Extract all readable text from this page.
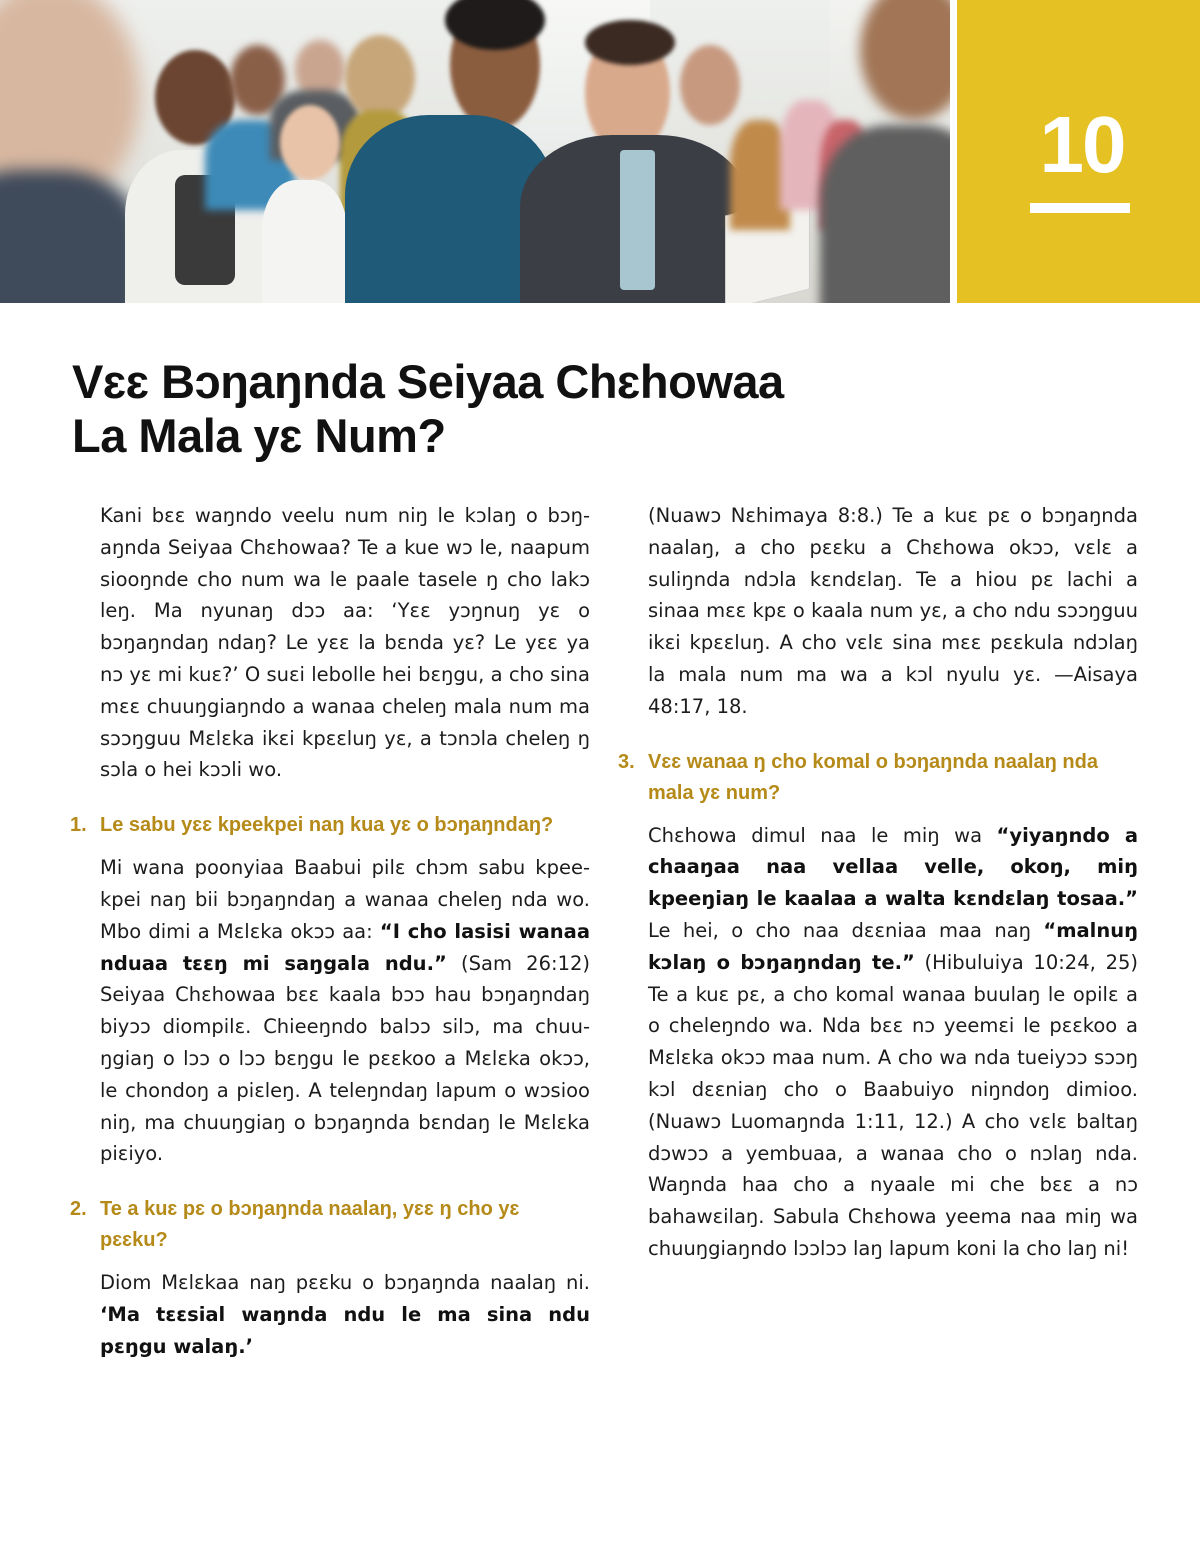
10
Vɛɛ Bɔŋaŋnda Seiyaa Chɛhowaa
La Mala yɛ Num?

Kani bɛɛ waŋndo veelu num niŋ le kɔlaŋ o bɔŋaŋnda Seiyaa Chɛhowaa? Te a kue wɔ le, naapum siooŋnde cho num wa le paale tasele ŋ cho lakɔ leŋ. Ma nyunaŋ dɔɔ aa: ‘Yɛɛ yɔŋnuŋ yɛ o bɔŋaŋndaŋ ndaŋ? Le yɛɛ la bɛnda yɛ? Le yɛɛ ya nɔ yɛ mi kuɛ?’ O suɛi lebolle hei bɛŋgu, a cho sina mɛɛ chuuŋgiaŋndo a wanaa cheleŋ mala num ma sɔɔŋguu Mɛlɛka ikɛi kpɛɛluŋ yɛ, a tɔnɔla cheleŋ ŋ sɔla o hei kɔɔli wo.

1. Le sabu yɛɛ kpeekpei naŋ kua yɛ o bɔŋaŋndaŋ?

Mi wana poonyiaa Baabui pilɛ chɔm sabu kpeekpei naŋ bii bɔŋaŋndaŋ a wanaa cheleŋ nda wo. Mbo dimi a Mɛlɛka okɔɔ aa: “I cho lasisi wanaa nduaa tɛɛŋ mi saŋgala ndu.” (Sam 26:12) Seiyaa Chɛhowaa bɛɛ kaala bɔɔ hau bɔŋaŋndaŋ biyɔɔ diompilɛ. Chieeŋndo balɔɔ silɔ, ma chuuŋgiaŋ o lɔɔ o lɔɔ bɛŋgu le pɛɛkoo a Mɛlɛka okɔɔ, le chondoŋ a piɛleŋ. A teleŋndaŋ lapum o wɔsioo niŋ, ma chuuŋgiaŋ o bɔŋaŋnda bɛndaŋ le Mɛlɛka piɛiyo.

2. Te a kuɛ pɛ o bɔŋaŋnda naalaŋ, yɛɛ ŋ cho yɛ pɛɛku?

Diom Mɛlɛkaa naŋ pɛɛku o bɔŋaŋnda naalaŋ ni. ‘Ma tɛɛsial waŋnda ndu le ma sina ndu pɛŋgu walaŋ.’

(Nuawɔ Nɛhimaya 8:8.) Te a kuɛ pɛ o bɔŋaŋnda naalaŋ, a cho pɛɛku a Chɛhowa okɔɔ, vɛlɛ a suliŋnda ndɔla kɛndɛlaŋ. Te a hiou pɛ lachi a sinaa mɛɛ kpɛ o kaala num yɛ, a cho ndu sɔɔŋguu ikɛi kpɛɛluŋ. A cho vɛlɛ sina mɛɛ pɛɛkula ndɔlaŋ la mala num ma wa a kɔl nyulu yɛ. —Aisaya 48:17, 18.

3. Vɛɛ wanaa ŋ cho komal o bɔŋaŋnda naalaŋ nda mala yɛ num?

Chɛhowa dimul naa le miŋ wa “yiyaŋndo a chaaŋaa naa vellaa velle, okoŋ, miŋ kpeeŋiaŋ le kaalaa a walta kɛndɛlaŋ tosaa.” Le hei, o cho naa dɛɛniaa maa naŋ “malnuŋ kɔlaŋ o bɔŋaŋndaŋ te.” (Hibuluiya 10:24, 25) Te a kuɛ pɛ, a cho komal wanaa buulaŋ le opilɛ a o cheleŋndo wa. Nda bɛɛ nɔ yeemɛi le pɛɛkoo a Mɛlɛka okɔɔ maa num. A cho wa nda tueiyɔɔ sɔɔŋ kɔl dɛɛniaŋ cho o Baabuiyo niŋndoŋ dimioo. (Nuawɔ Luomaŋnda 1:11, 12.) A cho vɛlɛ baltaŋ dɔwɔɔ a yembuaa, a wanaa cho o nɔlaŋ nda. Waŋnda haa cho a nyaale mi che bɛɛ a nɔ bahawɛilaŋ. Sabula Chɛhowa yeema naa miŋ wa chuuŋgiaŋndo lɔɔlɔɔ laŋ lapum koni la cho laŋ ni!
